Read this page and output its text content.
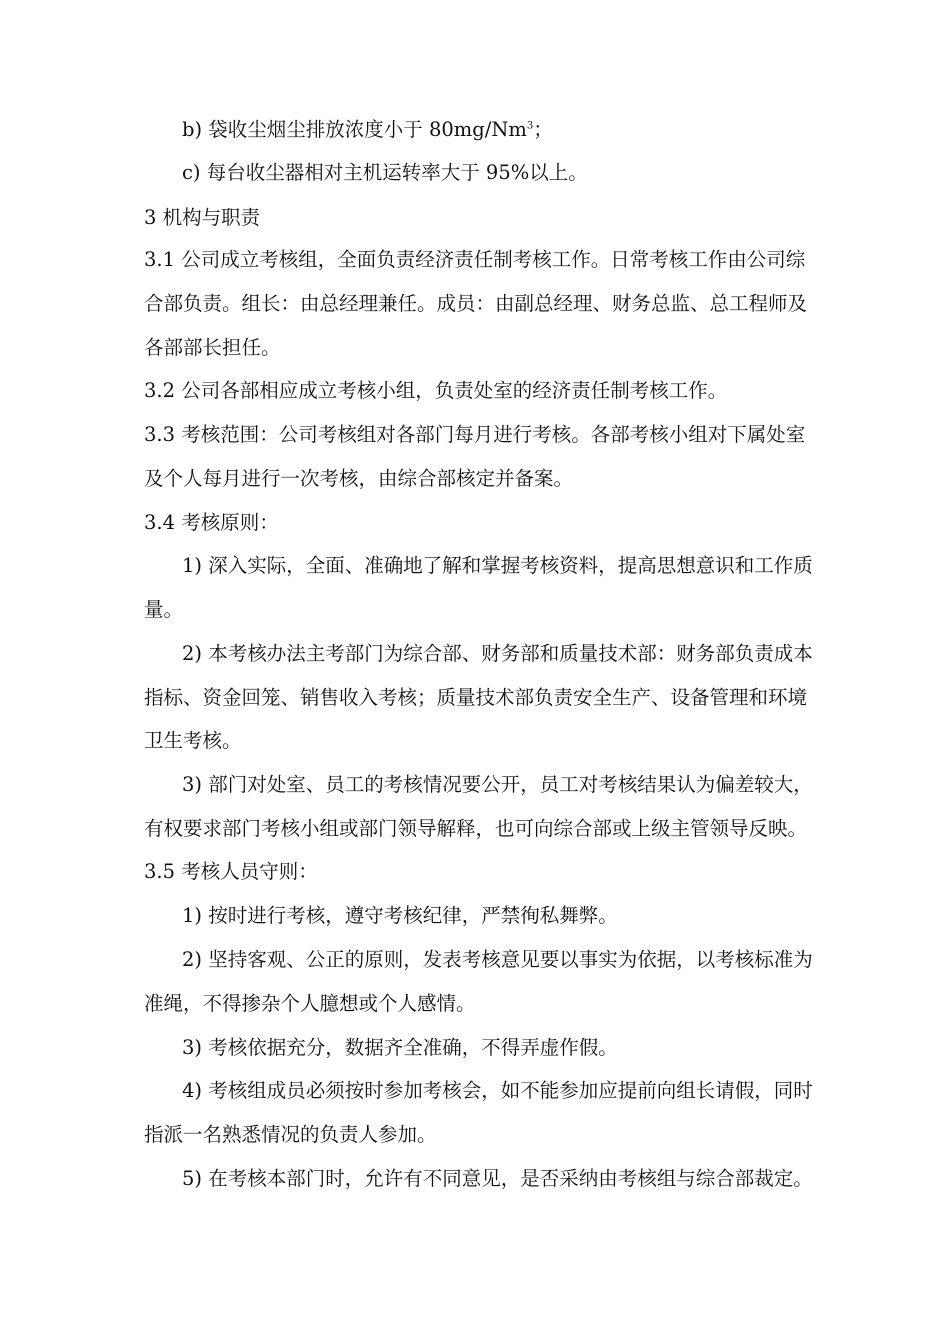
b) 袋收尘烟尘排放浓度小于 80mg/Nm$^3$；
c) 每台收尘器相对主机运转率大于 95%以上。
3 机构与职责
3.1 公司成立考核组，全面负责经济责任制考核工作。日常考核工作由公司综
合部负责。组长：由总经理兼任。成员：由副总经理、财务总监、总工程师及
各部部长担任。
3.2 公司各部相应成立考核小组，负责处室的经济责任制考核工作。
3.3 考核范围：公司考核组对各部门每月进行考核。各部考核小组对下属处室
及个人每月进行一次考核，由综合部核定并备案。
3.4 考核原则：
1) 深入实际，全面、准确地了解和掌握考核资料，提高思想意识和工作质
量。
2) 本考核办法主考部门为综合部、财务部和质量技术部：财务部负责成本
指标、资金回笼、销售收入考核；质量技术部负责安全生产、设备管理和环境
卫生考核。
3) 部门对处室、员工的考核情况要公开，员工对考核结果认为偏差较大，
有权要求部门考核小组或部门领导解释，也可向综合部或上级主管领导反映。
3.5 考核人员守则：
1) 按时进行考核，遵守考核纪律，严禁徇私舞弊。
2) 坚持客观、公正的原则，发表考核意见要以事实为依据，以考核标准为
准绳，不得掺杂个人臆想或个人感情。
3) 考核依据充分，数据齐全准确，不得弄虚作假。
4) 考核组成员必须按时参加考核会，如不能参加应提前向组长请假，同时
指派一名熟悉情况的负责人参加。
5) 在考核本部门时，允许有不同意见，是否采纳由考核组与综合部裁定。
